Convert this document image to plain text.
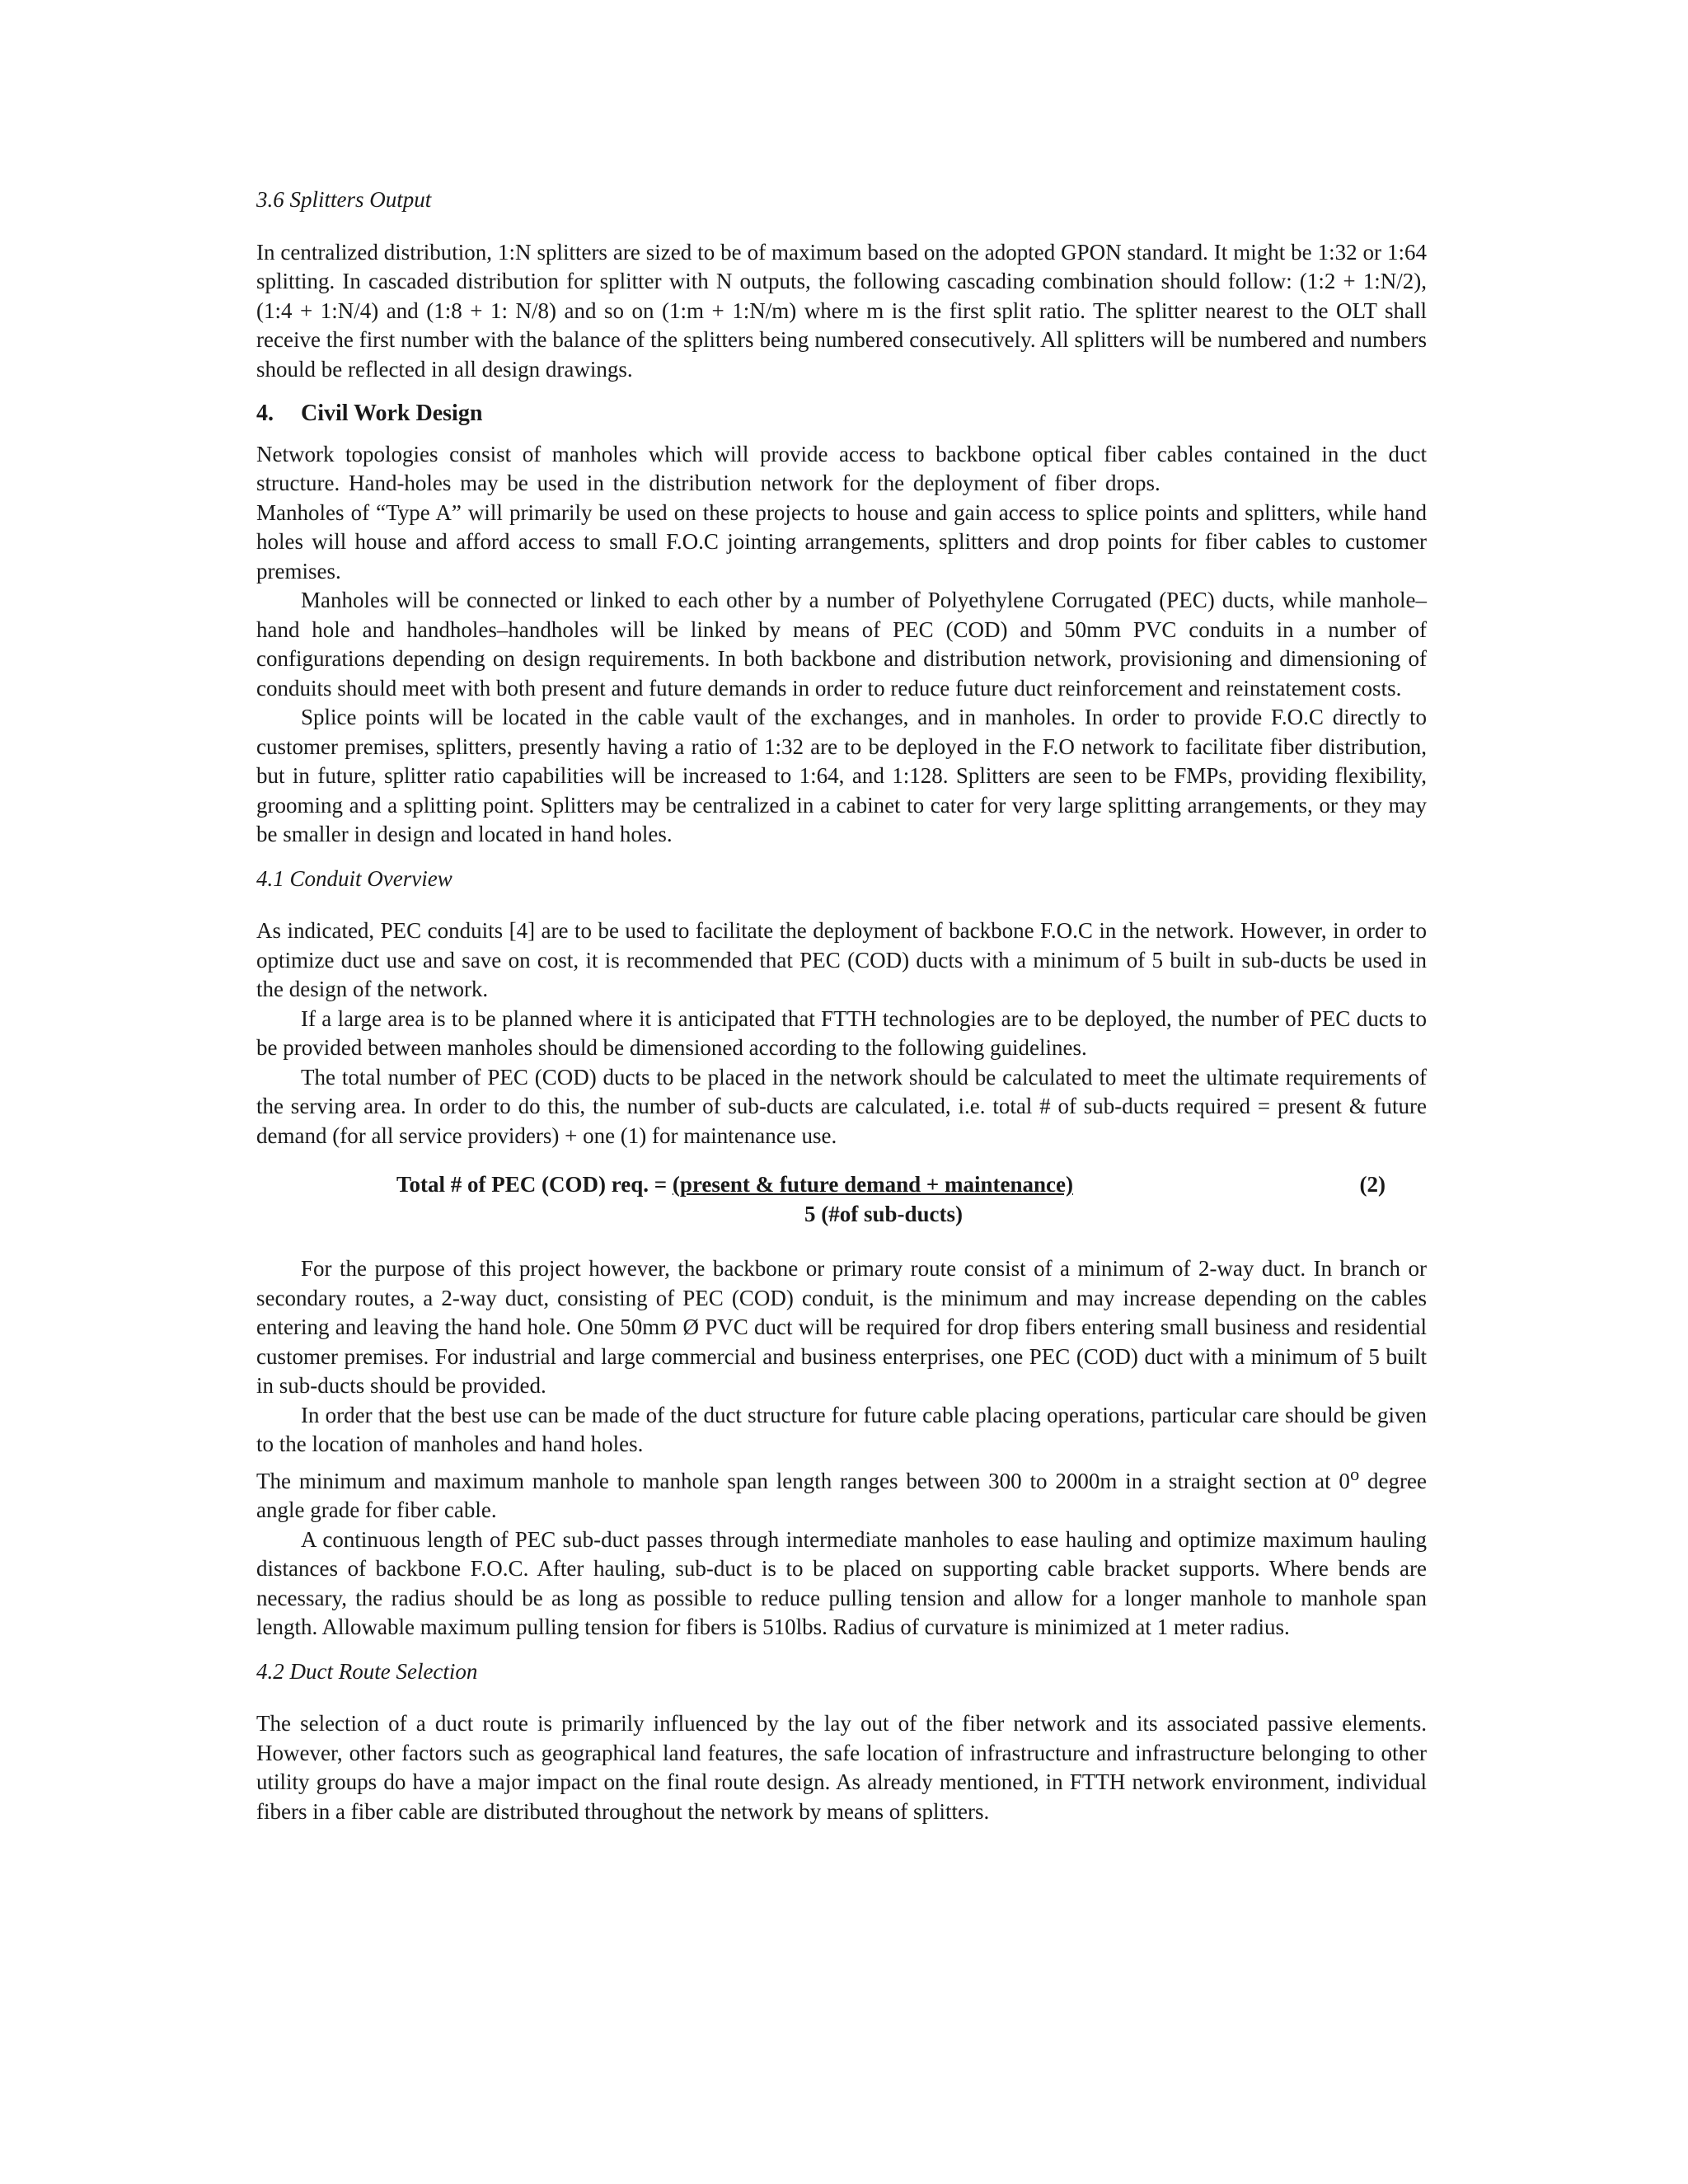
3.6 Splitters Output

In centralized distribution, 1:N splitters are sized to be of maximum based on the adopted GPON standard. It might be 1:32 or 1:64 splitting. In cascaded distribution for splitter with N outputs, the following cascading combination should follow: (1:2 + 1:N/2), (1:4 + 1:N/4) and (1:8 + 1: N/8) and so on (1:m + 1:N/m) where m is the first split ratio. The splitter nearest to the OLT shall receive the first number with the balance of the splitters being numbered consecutively. All splitters will be numbered and numbers should be reflected in all design drawings.

4. Civil Work Design

Network topologies consist of manholes which will provide access to backbone optical fiber cables contained in the duct structure. Hand-holes may be used in the distribution network for the deployment of fiber drops.

Manholes of “Type A” will primarily be used on these projects to house and gain access to splice points and splitters, while hand holes will house and afford access to small F.O.C jointing arrangements, splitters and drop points for fiber cables to customer premises.

Manholes will be connected or linked to each other by a number of Polyethylene Corrugated (PEC) ducts, while manhole–hand hole and handholes–handholes will be linked by means of PEC (COD) and 50mm PVC conduits in a number of configurations depending on design requirements. In both backbone and distribution network, provisioning and dimensioning of conduits should meet with both present and future demands in order to reduce future duct reinforcement and reinstatement costs.

Splice points will be located in the cable vault of the exchanges, and in manholes. In order to provide F.O.C directly to customer premises, splitters, presently having a ratio of 1:32 are to be deployed in the F.O network to facilitate fiber distribution, but in future, splitter ratio capabilities will be increased to 1:64, and 1:128. Splitters are seen to be FMPs, providing flexibility, grooming and a splitting point. Splitters may be centralized in a cabinet to cater for very large splitting arrangements, or they may be smaller in design and located in hand holes.

4.1 Conduit Overview

As indicated, PEC conduits [4] are to be used to facilitate the deployment of backbone F.O.C in the network. However, in order to optimize duct use and save on cost, it is recommended that PEC (COD) ducts with a minimum of 5 built in sub-ducts be used in the design of the network.

If a large area is to be planned where it is anticipated that FTTH technologies are to be deployed, the number of PEC ducts to be provided between manholes should be dimensioned according to the following guidelines.

The total number of PEC (COD) ducts to be placed in the network should be calculated to meet the ultimate requirements of the serving area. In order to do this, the number of sub-ducts are calculated, i.e. total # of sub-ducts required = present & future demand (for all service providers) + one (1) for maintenance use.

Total # of PEC (COD) req. = (present & future demand + maintenance)
5 (#of sub-ducts)
(2)

For the purpose of this project however, the backbone or primary route consist of a minimum of 2-way duct. In branch or secondary routes, a 2-way duct, consisting of PEC (COD) conduit, is the minimum and may increase depending on the cables entering and leaving the hand hole. One 50mm Ø PVC duct will be required for drop fibers entering small business and residential customer premises. For industrial and large commercial and business enterprises, one PEC (COD) duct with a minimum of 5 built in sub-ducts should be provided.

In order that the best use can be made of the duct structure for future cable placing operations, particular care should be given to the location of manholes and hand holes.

The minimum and maximum manhole to manhole span length ranges between 300 to 2000m in a straight section at 0$^o$ degree angle grade for fiber cable.

A continuous length of PEC sub-duct passes through intermediate manholes to ease hauling and optimize maximum hauling distances of backbone F.O.C. After hauling, sub-duct is to be placed on supporting cable bracket supports. Where bends are necessary, the radius should be as long as possible to reduce pulling tension and allow for a longer manhole to manhole span length. Allowable maximum pulling tension for fibers is 510lbs. Radius of curvature is minimized at 1 meter radius.

4.2 Duct Route Selection

The selection of a duct route is primarily influenced by the lay out of the fiber network and its associated passive elements. However, other factors such as geographical land features, the safe location of infrastructure and infrastructure belonging to other utility groups do have a major impact on the final route design. As already mentioned, in FTTH network environment, individual fibers in a fiber cable are distributed throughout the network by means of splitters.
